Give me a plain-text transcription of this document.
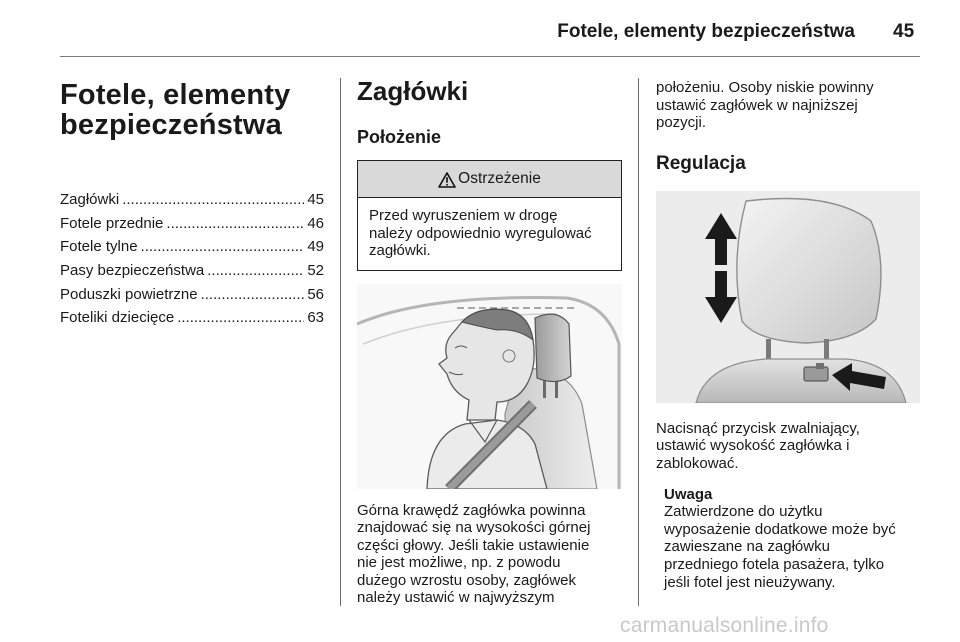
Fotele, elementy bezpieczeństwa 45
Fotele, elementy
bezpieczeństwa
Zagłówki .....	45
Fotele przednie .....	46
Fotele tylne .....	49
Pasy bezpieczeństwa .....	52
Poduszki powietrzne .....	56
Foteliki dziecięce .....	63
Zagłówki
Położenie
Ostrzeżenie
Przed wyruszeniem w drogę
należy odpowiednio wyregulować
zagłówki.

Górna krawędź zagłówka powinna
znajdować się na wysokości górnej
części głowy. Jeśli takie ustawienie
nie jest możliwe, np. z powodu
dużego wzrostu osoby, zagłówek
należy ustawić w najwyższym

położeniu. Osoby niskie powinny
ustawić zagłówek w najniższej
pozycji.

Regulacja

Nacisnąć przycisk zwalniający,
ustawić wysokość zagłówka i
zablokować.

Uwaga

Zatwierdzone do użytku
wyposażenie dodatkowe może być
zawieszane na zagłówku
przedniego fotela pasażera, tylko
jeśli fotel jest nieużywany.

carmanualsonline.info
